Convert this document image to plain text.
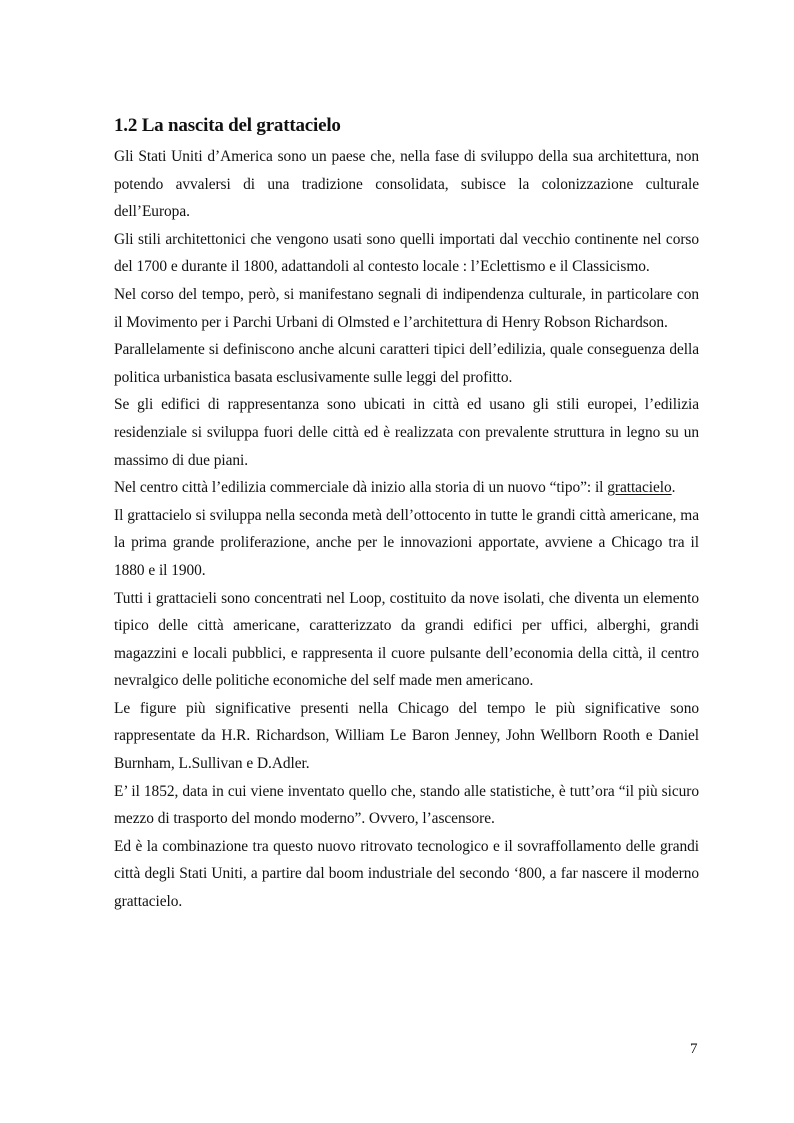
1.2 La nascita del grattacielo

Gli Stati Uniti d’America sono un paese che, nella fase di sviluppo della sua architettura, non potendo avvalersi di una tradizione consolidata, subisce la colonizzazione culturale dell’Europa.

Gli stili architettonici che vengono usati sono quelli importati dal vecchio continente nel corso del 1700 e durante il 1800, adattandoli al contesto locale : l’Eclettismo e il Classicismo.

Nel corso del tempo, però, si manifestano segnali di indipendenza culturale, in particolare con il Movimento per i Parchi Urbani di Olmsted e l’architettura di Henry Robson Richardson.

Parallelamente si definiscono anche alcuni caratteri tipici dell’edilizia, quale conseguenza della politica urbanistica basata esclusivamente sulle leggi del profitto.

Se gli edifici di rappresentanza sono ubicati in città ed usano gli stili europei, l’edilizia residenziale si sviluppa fuori delle città ed è realizzata con prevalente struttura in legno su un massimo di due piani.

Nel centro città l’edilizia commerciale dà inizio alla storia di un nuovo “tipo”: il grattacielo.

Il grattacielo si sviluppa nella seconda metà dell’ottocento in tutte le grandi città americane, ma la prima grande proliferazione, anche per le innovazioni apportate, avviene a Chicago tra il 1880 e il 1900.

Tutti i grattacieli sono concentrati nel Loop, costituito da nove isolati, che diventa un elemento tipico delle città americane, caratterizzato da grandi edifici per uffici, alberghi, grandi magazzini e locali pubblici, e rappresenta il cuore pulsante dell’economia della città, il centro nevralgico delle politiche economiche del self made men americano.

Le figure più significative presenti nella Chicago del tempo le più significative sono rappresentate da H.R. Richardson, William Le Baron Jenney, John Wellborn Rooth e Daniel Burnham, L.Sullivan e D.Adler.

E’ il 1852, data in cui viene inventato quello che, stando alle statistiche, è tutt’ora “il più sicuro mezzo di trasporto del mondo moderno”. Ovvero, l’ascensore.

Ed è la combinazione tra questo nuovo ritrovato tecnologico e il sovraffollamento delle grandi città degli Stati Uniti, a partire dal boom industriale del secondo ‘800, a far nascere il moderno grattacielo.

7
